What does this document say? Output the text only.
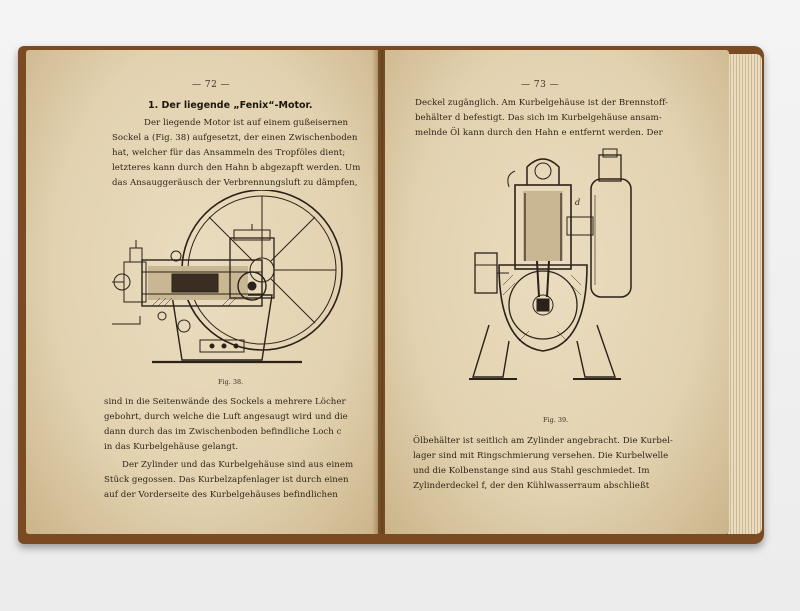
— 72 —
1. Der liegende „Fenix“-Motor.
Der liegende Motor ist auf einem gußeisernen
Sockel a (Fig. 38) aufgesetzt, der einen Zwischenboden
hat, welcher für das Ansammeln des Tropföles dient;
letzteres kann durch den Hahn b abgezapft werden. Um
das Ansauggeräusch der Verbrennungsluft zu dämpfen,
Fig. 38.
sind in die Seitenwände des Sockels a mehrere Löcher
gebohrt, durch welche die Luft angesaugt wird und die
dann durch das im Zwischenboden befindliche Loch c
in das Kurbelgehäuse gelangt.
Der Zylinder und das Kurbelgehäuse sind aus einem
Stück gegossen. Das Kurbelzapfenlager ist durch einen
auf der Vorderseite des Kurbelgehäuses befindlichen
— 73 —
Deckel zugänglich. Am Kurbelgehäuse ist der Brennstoff-
behälter d befestigt. Das sich im Kurbelgehäuse ansam-
melnde Öl kann durch den Hahn e entfernt werden. Der
d
Fig. 39.
Ölbehälter ist seitlich am Zylinder angebracht. Die Kurbel-
lager sind mit Ringschmierung versehen. Die Kurbelwelle
und die Kolbenstange sind aus Stahl geschmiedet. Im
Zylinderdeckel f, der den Kühlwasserraum abschließt
